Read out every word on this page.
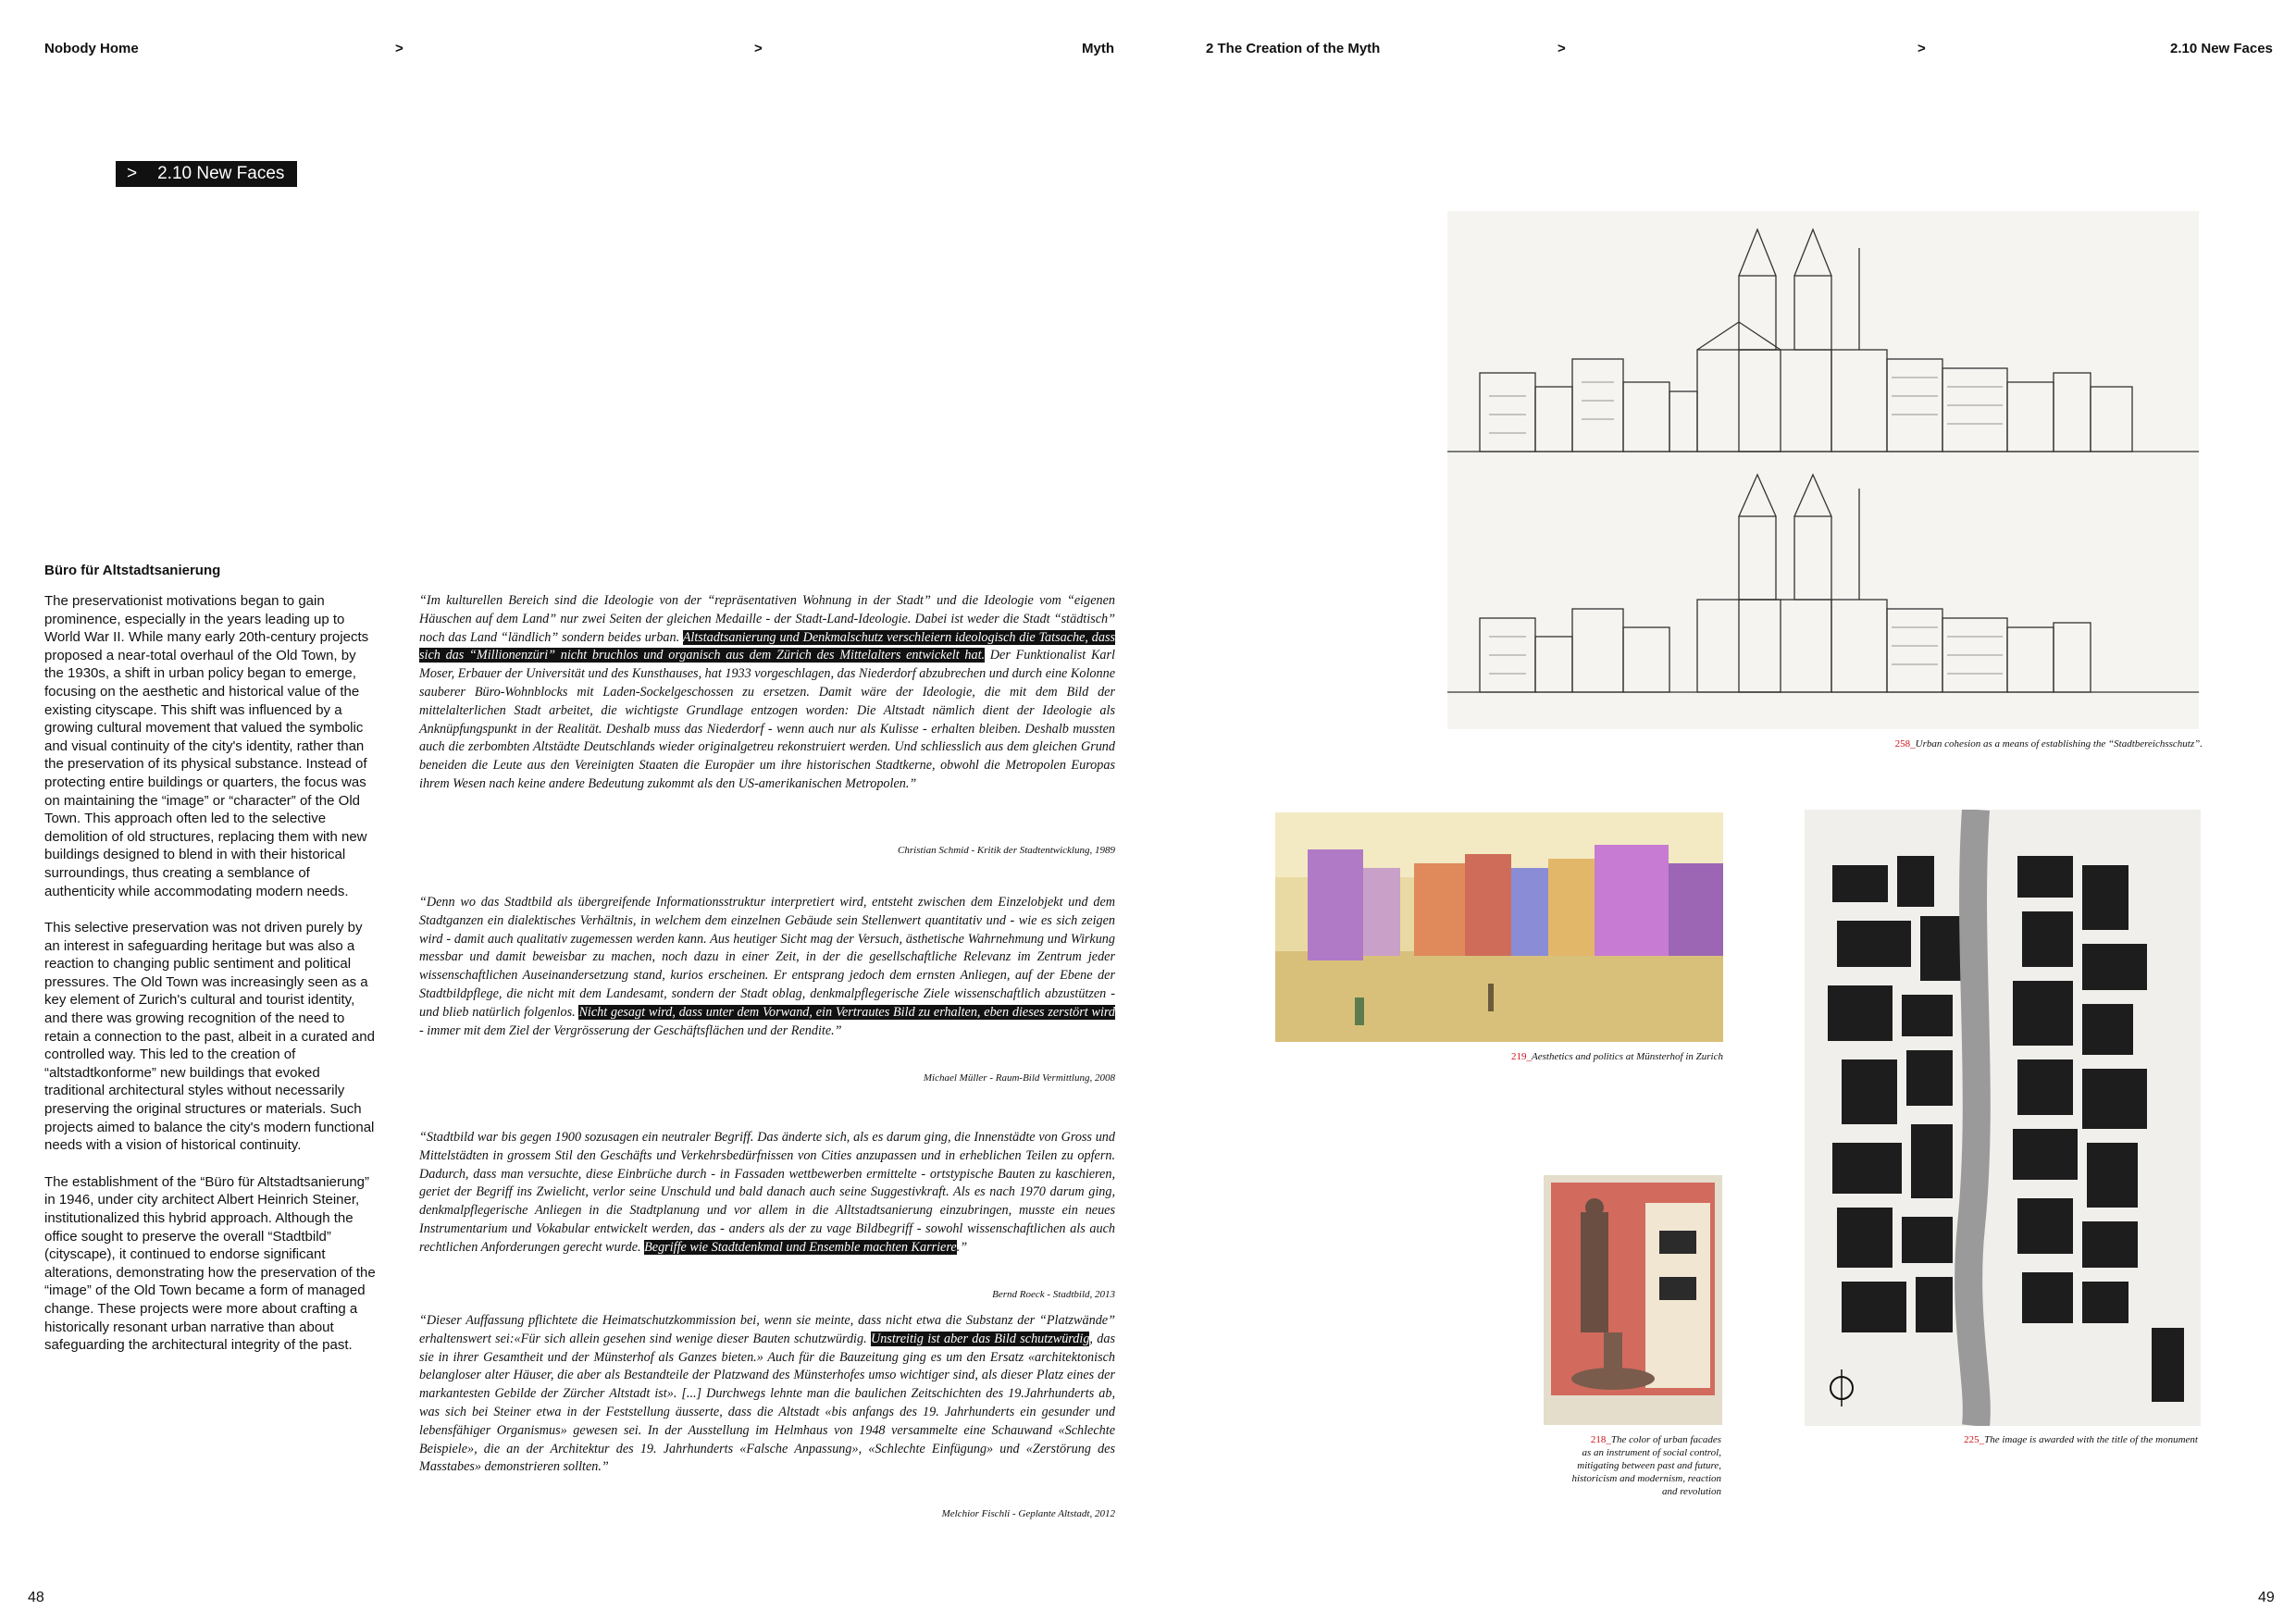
Nobody Home	>	>	Myth	2 The Creation of the Myth	>	>	2.10 New Faces
> 2.10 New Faces
Büro für Altstadtsanierung

The preservationist motivations began to gain prominence, especially in the years leading up to World War II. While many early 20th-century projects proposed a near-total overhaul of the Old Town, by the 1930s, a shift in urban policy began to emerge, focusing on the aesthetic and historical value of the existing cityscape. This shift was influenced by a growing cultural movement that valued the symbolic and visual continuity of the city's identity, rather than the preservation of its physical substance. Instead of protecting entire buildings or quarters, the focus was on maintaining the “image” or “character” of the Old Town. This approach often led to the selective demolition of old structures, replacing them with new buildings designed to blend in with their historical surroundings, thus creating a semblance of authenticity while accommodating modern needs.

This selective preservation was not driven purely by an interest in safeguarding heritage but was also a reaction to changing public sentiment and political pressures. The Old Town was increasingly seen as a key element of Zurich's cultural and tourist identity, and there was growing recognition of the need to retain a connection to the past, albeit in a curated and controlled way. This led to the creation of “altstadtkonforme” new buildings that evoked traditional architectural styles without necessarily preserving the original structures or materials. Such projects aimed to balance the city's modern functional needs with a vision of historical continuity.

The establishment of the “Büro für Altstadtsanierung” in 1946, under city architect Albert Heinrich Steiner, institutionalized this hybrid approach. Although the office sought to preserve the overall “Stadtbild” (cityscape), it continued to endorse significant alterations, demonstrating how the preservation of the “image” of the Old Town became a form of managed change. These projects were more about crafting a historically resonant urban narrative than about safeguarding the architectural integrity of the past.

“Im kulturellen Bereich sind die Ideologie von der “repräsentativen Wohnung in der Stadt” und die Ideologie vom “eigenen Häuschen auf dem Land” nur zwei Seiten der gleichen Medaille - der Stadt-Land-Ideologie. Dabei ist weder die Stadt “städtisch” noch das Land “ländlich” sondern beides urban. Altstadtsanierung und Denkmalschutz verschleiern ideologisch die Tatsache, dass sich das “Millionenzüri” nicht bruchlos und organisch aus dem Zürich des Mittelalters entwickelt hat. Der Funktionalist Karl Moser, Erbauer der Universität und des Kunsthauses, hat 1933 vorgeschlagen, das Niederdorf abzubrechen und durch eine Kolonne sauberer Büro-Wohnblocks mit Laden-Sockelgeschossen zu ersetzen. Damit wäre der Ideologie, die mit dem Bild der mittelalterlichen Stadt arbeitet, die wichtigste Grundlage entzogen worden: Die Altstadt nämlich dient der Ideologie als Anknüpfungspunkt in der Realität. Deshalb muss das Niederdorf - wenn auch nur als Kulisse - erhalten bleiben. Deshalb mussten auch die zerbombten Altstädte Deutschlands wieder originalgetreu rekonstruiert werden. Und schliesslich aus dem gleichen Grund beneiden die Leute aus den Vereinigten Staaten die Europäer um ihre historischen Stadtkerne, obwohl die Metropolen Europas ihrem Wesen nach keine andere Bedeutung zukommt als den US-amerikanischen Metropolen.”

Christian Schmid - Kritik der Stadtentwicklung, 1989

“Denn wo das Stadtbild als übergreifende Informationsstruktur interpretiert wird, entsteht zwischen dem Einzelobjekt und dem Stadtganzen ein dialektisches Verhältnis, in welchem dem einzelnen Gebäude sein Stellenwert quantitativ und - wie es sich zeigen wird - damit auch qualitativ zugemessen werden kann. Aus heutiger Sicht mag der Versuch, ästhetische Wahrnehmung und Wirkung messbar und damit beweisbar zu machen, noch dazu in einer Zeit, in der die gesellschaftliche Relevanz im Zentrum jeder wissenschaftlichen Auseinandersetzung stand, kurios erscheinen. Er entsprang jedoch dem ernsten Anliegen, auf der Ebene der Stadtbildpflege, die nicht mit dem Landesamt, sondern der Stadt oblag, denkmalpflegerische Ziele wissenschaftlich abzustützen - und blieb natürlich folgenlos. Nicht gesagt wird, dass unter dem Vorwand, ein Vertrautes Bild zu erhalten, eben dieses zerstört wird - immer mit dem Ziel der Vergrösserung der Geschäftsflächen und der Rendite.”

Michael Müller - Raum-Bild Vermittlung, 2008

“Stadtbild war bis gegen 1900 sozusagen ein neutraler Begriff. Das änderte sich, als es darum ging, die Innenstädte von Gross und Mittelstädten in grossem Stil den Geschäfts und Verkehrsbedürfnissen von Cities anzupassen und in erheblichen Teilen zu opfern. Dadurch, dass man versuchte, diese Einbrüche durch - in Fassaden wettbewerben ermittelte - ortstypische Bauten zu kaschieren, geriet der Begriff ins Zwielicht, verlor seine Unschuld und bald danach auch seine Suggestivkraft. Als es nach 1970 darum ging, denkmalpflegerische Anliegen in die Stadtplanung und vor allem in die Alltstadtsanierung einzubringen, musste ein neues Instrumentarium und Vokabular entwickelt werden, das - anders als der zu vage Bildbegriff - sowohl wissenschaftlichen als auch rechtlichen Anforderungen gerecht wurde. Begriffe wie Stadtdenkmal und Ensemble machten Karriere.”

Bernd Roeck - Stadtbild, 2013

“Dieser Auffassung pflichtete die Heimatschutzkommission bei, wenn sie meinte, dass nicht etwa die Substanz der “Platzwände” erhaltenswert sei:«Für sich allein gesehen sind wenige dieser Bauten schutzwürdig. Unstreitig ist aber das Bild schutzwürdig, das sie in ihrer Gesamtheit und der Münsterhof als Ganzes bieten.» Auch für die Bauzeitung ging es um den Ersatz «architektonisch belangloser alter Häuser, die aber als Bestandteile der Platzwand des Münsterhofes umso wichtiger sind, als dieser Platz eines der markantesten Gebilde der Zürcher Altstadt ist». [...] Durchwegs lehnte man die baulichen Zeitschichten des 19.Jahrhunderts ab, was sich bei Steiner etwa in der Feststellung äusserte, dass die Altstadt «bis anfangs des 19. Jahrhunderts ein gesunder und lebensfähiger Organismus» gewesen sei. In der Ausstellung im Helmhaus von 1948 versammelte eine Schauwand «Schlechte Beispiele», die an der Architektur des 19. Jahrhunderts «Falsche Anpassung», «Schlechte Einfügung» und «Zerstörung des Masstabes» demonstrieren sollten.”

Melchior Fischli - Geplante Altstadt, 2012
258_Urban cohesion as a means of establishing the “Stadtbereichsschutz”.
219_Aesthetics and politics at Münsterhof in Zurich
218_The color of urban facades
as an instrument of social control,
mitigating between past and future,
historicism and modernism, reaction
and revolution
225_The image is awarded with the title of the monument
48	49
